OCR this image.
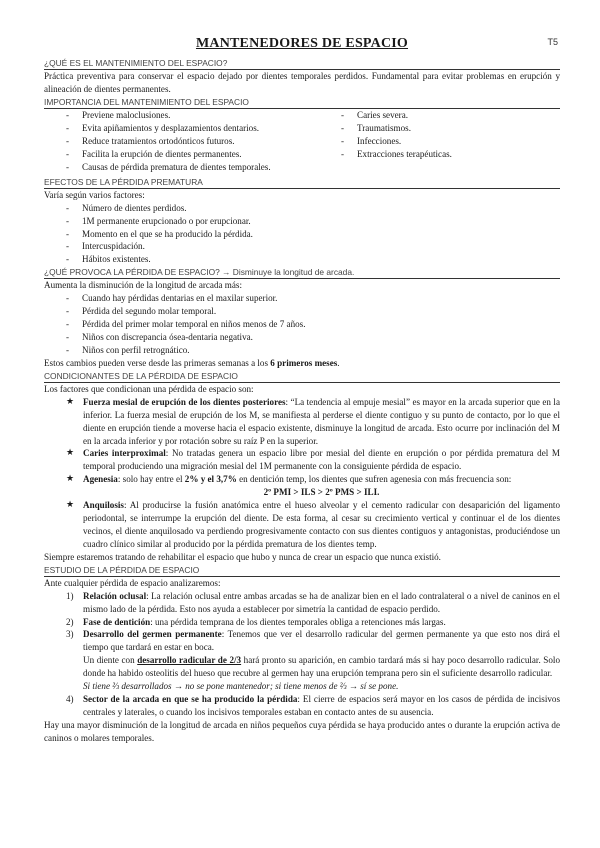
T5
MANTENEDORES DE ESPACIO
¿QUÉ ES EL MANTENIMIENTO DEL ESPACIO?

Práctica preventiva para conservar el espacio dejado por dientes temporales perdidos. Fundamental para evitar problemas en erupción y alineación de dientes permanentes.

IMPORTANCIA DEL MANTENIMIENTO DEL ESPACIO
- Previene maloclusiones.
- Evita apiñamientos y desplazamientos dentarios.
- Reduce tratamientos ortodónticos futuros.
- Facilita la erupción de dientes permanentes.
- Causas de pérdida prematura de dientes temporales.
- Caries severa.
- Traumatismos.
- Infecciones.
- Extracciones terapéuticas.
EFECTOS DE LA PÉRDIDA PREMATURA

Varía según varios factores:

- Número de dientes perdidos.
- 1M permanente erupcionado o por erupcionar.
- Momento en el que se ha producido la pérdida.
- Intercuspidación.
- Hábitos existentes.
¿QUÉ PROVOCA LA PÉRDIDA DE ESPACIO? → Disminuye la longitud de arcada.

Aumenta la disminución de la longitud de arcada más:

- Cuando hay pérdidas dentarias en el maxilar superior.
- Pérdida del segundo molar temporal.
- Pérdida del primer molar temporal en niños menos de 7 años.
- Niños con discrepancia ósea-dentaria negativa.
- Niños con perfil retrognático.

Estos cambios pueden verse desde las primeras semanas a los 6 primeros meses.

CONDICIONANTES DE LA PÉRDIDA DE ESPACIO

Los factores que condicionan una pérdida de espacio son:

★ Fuerza mesial de erupción de los dientes posteriores: “La tendencia al empuje mesial” es mayor en la arcada superior que en la inferior. La fuerza mesial de erupción de los M, se manifiesta al perderse el diente contiguo y su punto de contacto, por lo que el diente en erupción tiende a moverse hacia el espacio existente, disminuye la longitud de arcada. Esto ocurre por inclinación del M en la arcada inferior y por rotación sobre su raíz P en la superior.
★ Caries interproximal: No tratadas genera un espacio libre por mesial del diente en erupción o por pérdida prematura del M temporal produciendo una migración mesial del 1M permanente con la consiguiente pérdida de espacio.
★ Agenesia: solo hay entre el 2% y el 3,7% en dentición temp, los dientes que sufren agenesia con más frecuencia son:
2º PMI > ILS > 2º PMS > ILI.
★ Anquilosis: Al producirse la fusión anatómica entre el hueso alveolar y el cemento radicular con desaparición del ligamento periodontal, se interrumpe la erupción del diente. De esta forma, al cesar su crecimiento vertical y continuar el de los dientes vecinos, el diente anquilosado va perdiendo progresivamente contacto con sus dientes contiguos y antagonistas, produciéndose un cuadro clínico similar al producido por la pérdida prematura de los dientes temp.

Siempre estaremos tratando de rehabilitar el espacio que hubo y nunca de crear un espacio que nunca existió.

ESTUDIO DE LA PÉRDIDA DE ESPACIO

Ante cualquier pérdida de espacio analizaremos:

1) Relación oclusal: La relación oclusal entre ambas arcadas se ha de analizar bien en el lado contralateral o a nivel de caninos en el mismo lado de la pérdida. Esto nos ayuda a establecer por simetría la cantidad de espacio perdido.
2) Fase de dentición: una pérdida temprana de los dientes temporales obliga a retenciones más largas.
3) Desarrollo del germen permanente: Tenemos que ver el desarrollo radicular del germen permanente ya que esto nos dirá el tiempo que tardará en estar en boca.
Un diente con desarrollo radicular de 2/3 hará pronto su aparición, en cambio tardará más si hay poco desarrollo radicular. Solo donde ha habido osteolitis del hueso que recubre al germen hay una erupción temprana pero sin el suficiente desarrollo radicular.
Si tiene ⅔ desarrollados → no se pone mantenedor; si tiene menos de ⅔ → sí se pone.
4) Sector de la arcada en que se ha producido la pérdida: El cierre de espacios será mayor en los casos de pérdida de incisivos centrales y laterales, o cuando los incisivos temporales estaban en contacto antes de su ausencia.

Hay una mayor disminución de la longitud de arcada en niños pequeños cuya pérdida se haya producido antes o durante la erupción activa de caninos o molares temporales.
